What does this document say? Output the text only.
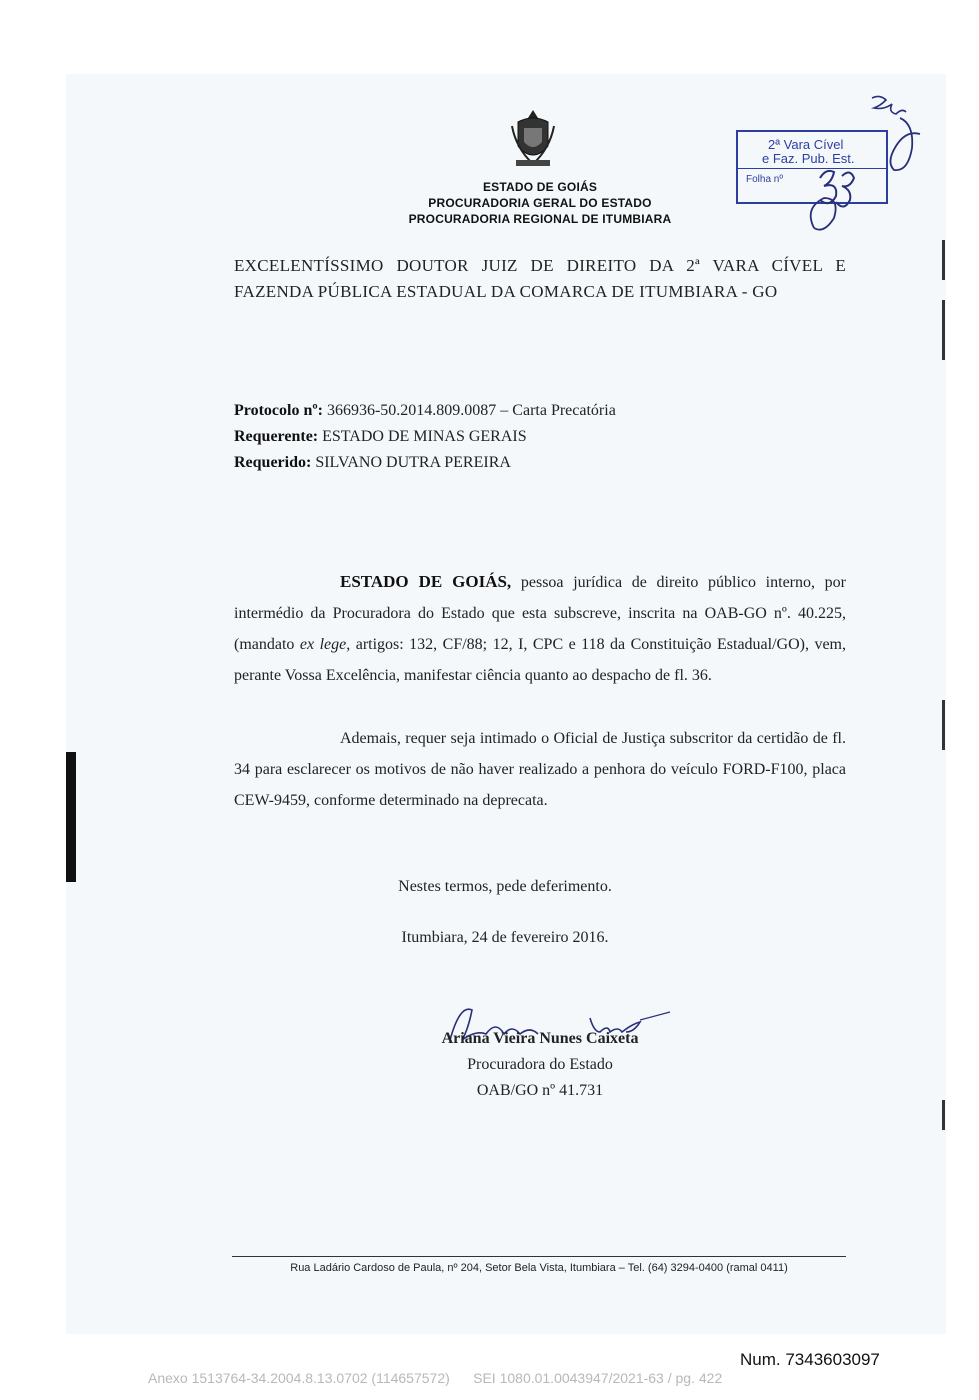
ESTADO DE GOIÁS
PROCURADORIA GERAL DO ESTADO
PROCURADORIA REGIONAL DE ITUMBIARA
2ª Vara Cível
e Faz. Pub. Est.
Folha nº
EXCELENTÍSSIMO DOUTOR JUIZ DE DIREITO DA 2ª VARA CÍVEL E
FAZENDA PÚBLICA ESTADUAL DA COMARCA DE ITUMBIARA - GO
Protocolo nº: 366936-50.2014.809.0087 – Carta Precatória
Requerente: ESTADO DE MINAS GERAIS
Requerido: SILVANO DUTRA PEREIRA
ESTADO DE GOIÁS, pessoa jurídica de direito público interno, por intermédio da Procuradora do Estado que esta subscreve, inscrita na OAB-GO nº. 40.225, (mandato ex lege, artigos: 132, CF/88; 12, I, CPC e 118 da Constituição Estadual/GO), vem, perante Vossa Excelência, manifestar ciência quanto ao despacho de fl. 36.
Ademais, requer seja intimado o Oficial de Justiça subscritor da certidão de fl. 34 para esclarecer os motivos de não haver realizado a penhora do veículo FORD-F100, placa CEW-9459, conforme determinado na deprecata.
Nestes termos, pede deferimento.
Itumbiara, 24 de fevereiro 2016.
Ariana Vieira Nunes Caixeta
Procuradora do Estado
OAB/GO nº 41.731
Rua Ladário Cardoso de Paula, nº 204, Setor Bela Vista, Itumbiara – Tel. (64) 3294-0400 (ramal 0411)
Num. 7343603097
Anexo 1513764-34.2004.8.13.0702 (114657572) SEI 1080.01.0043947/2021-63 / pg. 422
